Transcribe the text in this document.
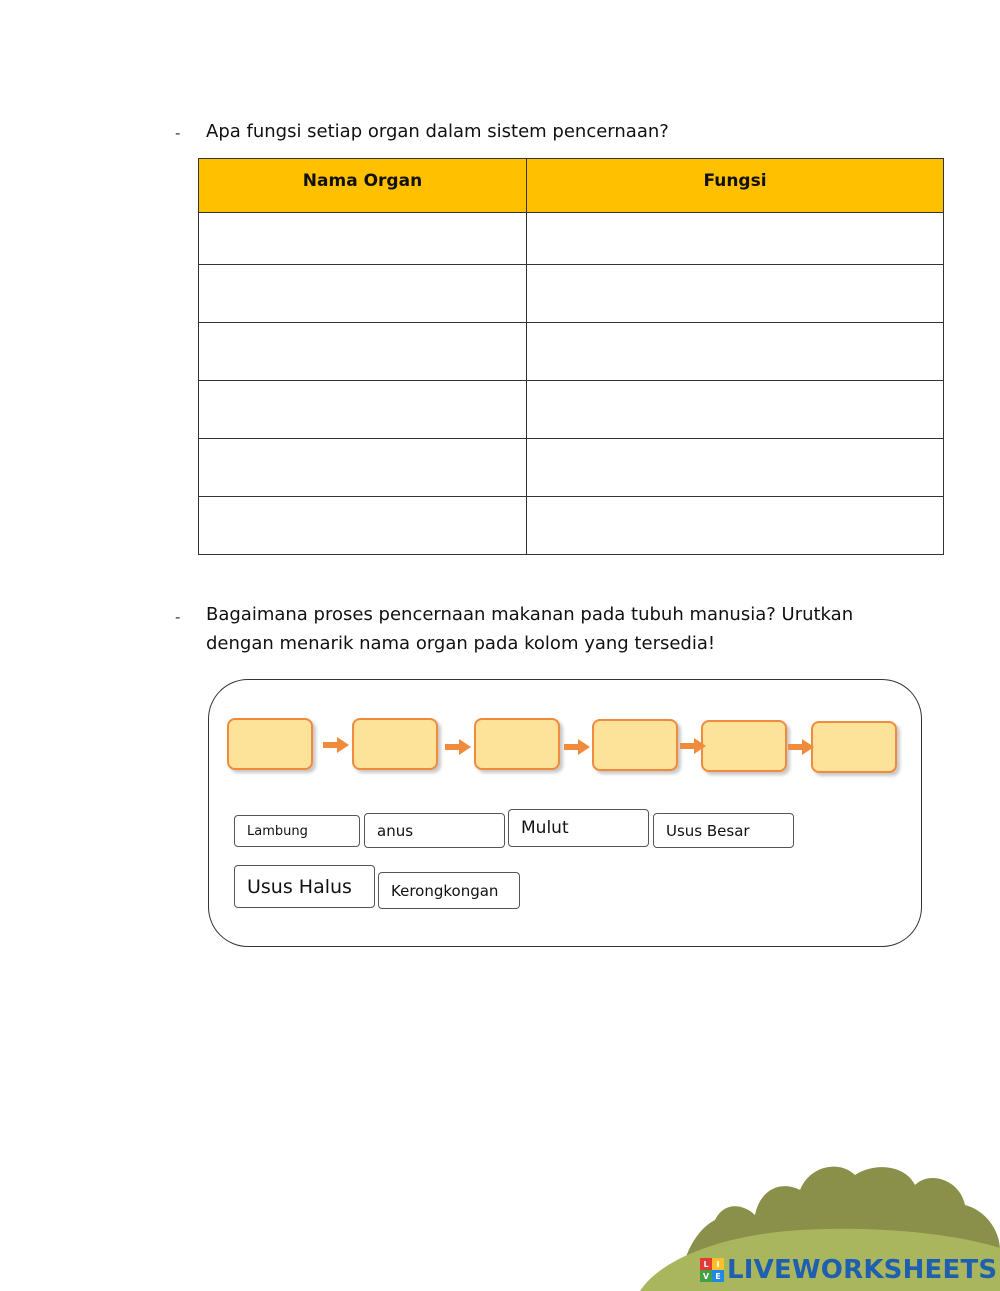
- Apa fungsi setiap organ dalam sistem pencernaan?
Nama Organ	Fungsi

- Bagaimana proses pencernaan makanan pada tubuh manusia? Urutkan
dengan menarik nama organ pada kolom yang tersedia!
Lambung	anus	Mulut	Usus Besar
Usus Halus	Kerongkongan
L I
V E LIVEWORKSHEETS
